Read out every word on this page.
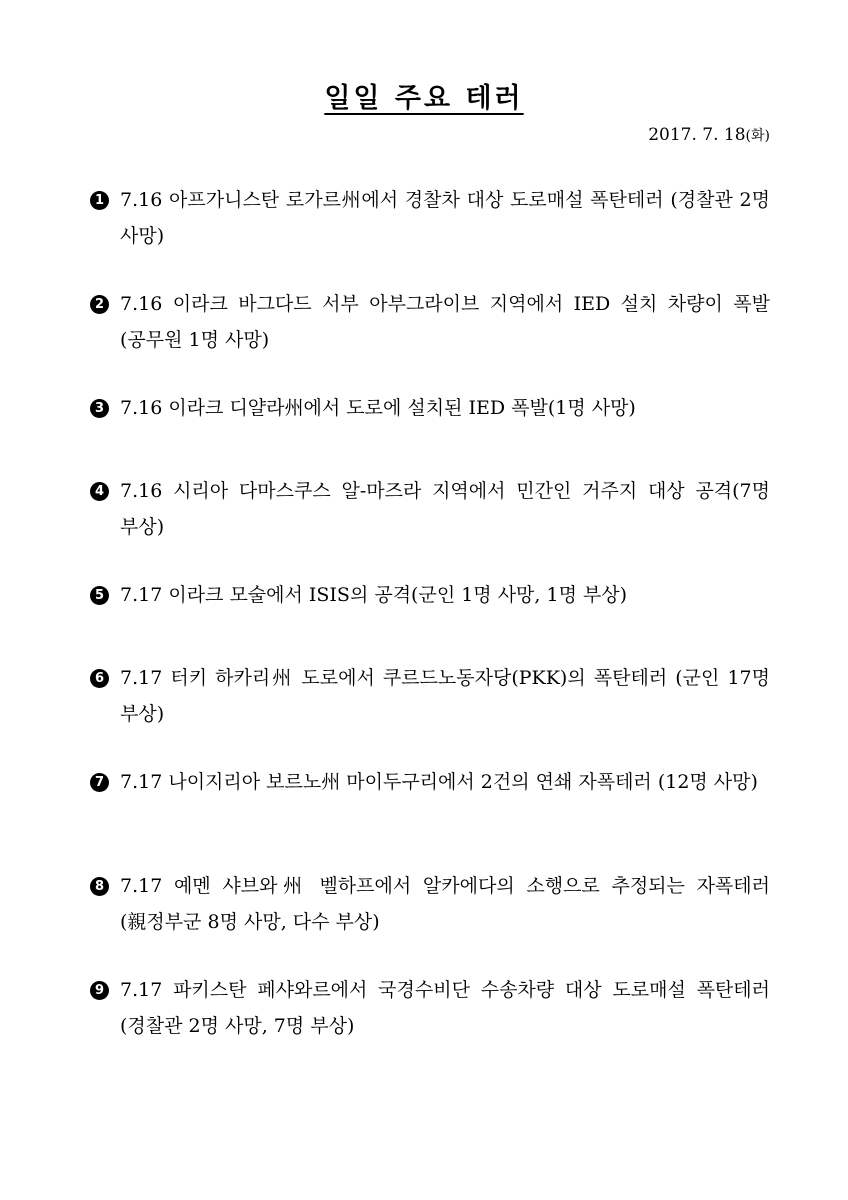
일일 주요 테러
2017. 7. 18(화)
1 7.16 아프가니스탄 로가르州에서 경찰차 대상 도로매설 폭탄테러 (경찰관 2명 사망)
2 7.16 이라크 바그다드 서부 아부그라이브 지역에서 IED 설치 차량이 폭발(공무원 1명 사망)
3 7.16 이라크 디얄라州에서 도로에 설치된 IED 폭발(1명 사망)
4 7.16 시리아 다마스쿠스 알-마즈라 지역에서 민간인 거주지 대상 공격(7명 부상)
5 7.17 이라크 모술에서 ISIS의 공격(군인 1명 사망, 1명 부상)
6 7.17 터키 하카리州 도로에서 쿠르드노동자당(PKK)의 폭탄테러 (군인 17명 부상)
7 7.17 나이지리아 보르노州 마이두구리에서 2건의 연쇄 자폭테러 (12명 사망)
8 7.17 예멘 샤브와州 벨하프에서 알카에다의 소행으로 추정되는 자폭테러(親정부군 8명 사망, 다수 부상)
9 7.17 파키스탄 페샤와르에서 국경수비단 수송차량 대상 도로매설 폭탄테러(경찰관 2명 사망, 7명 부상)
